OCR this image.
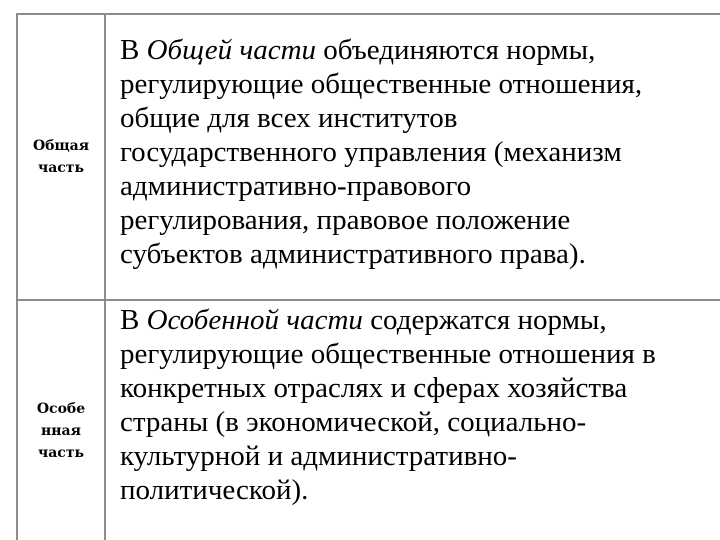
Общая
часть
В Общей части объединяются нормы,
регулирующие общественные отношения,
общие для всех институтов
государственного управления (механизм
административно-правового
регулирования, правовое положение
субъектов административного права).
Особе
нная
часть
В Особенной части содержатся нормы,
регулирующие общественные отношения в
конкретных отраслях и сферах хозяйства
страны (в экономической, социально-
культурной и административно-
политической).
